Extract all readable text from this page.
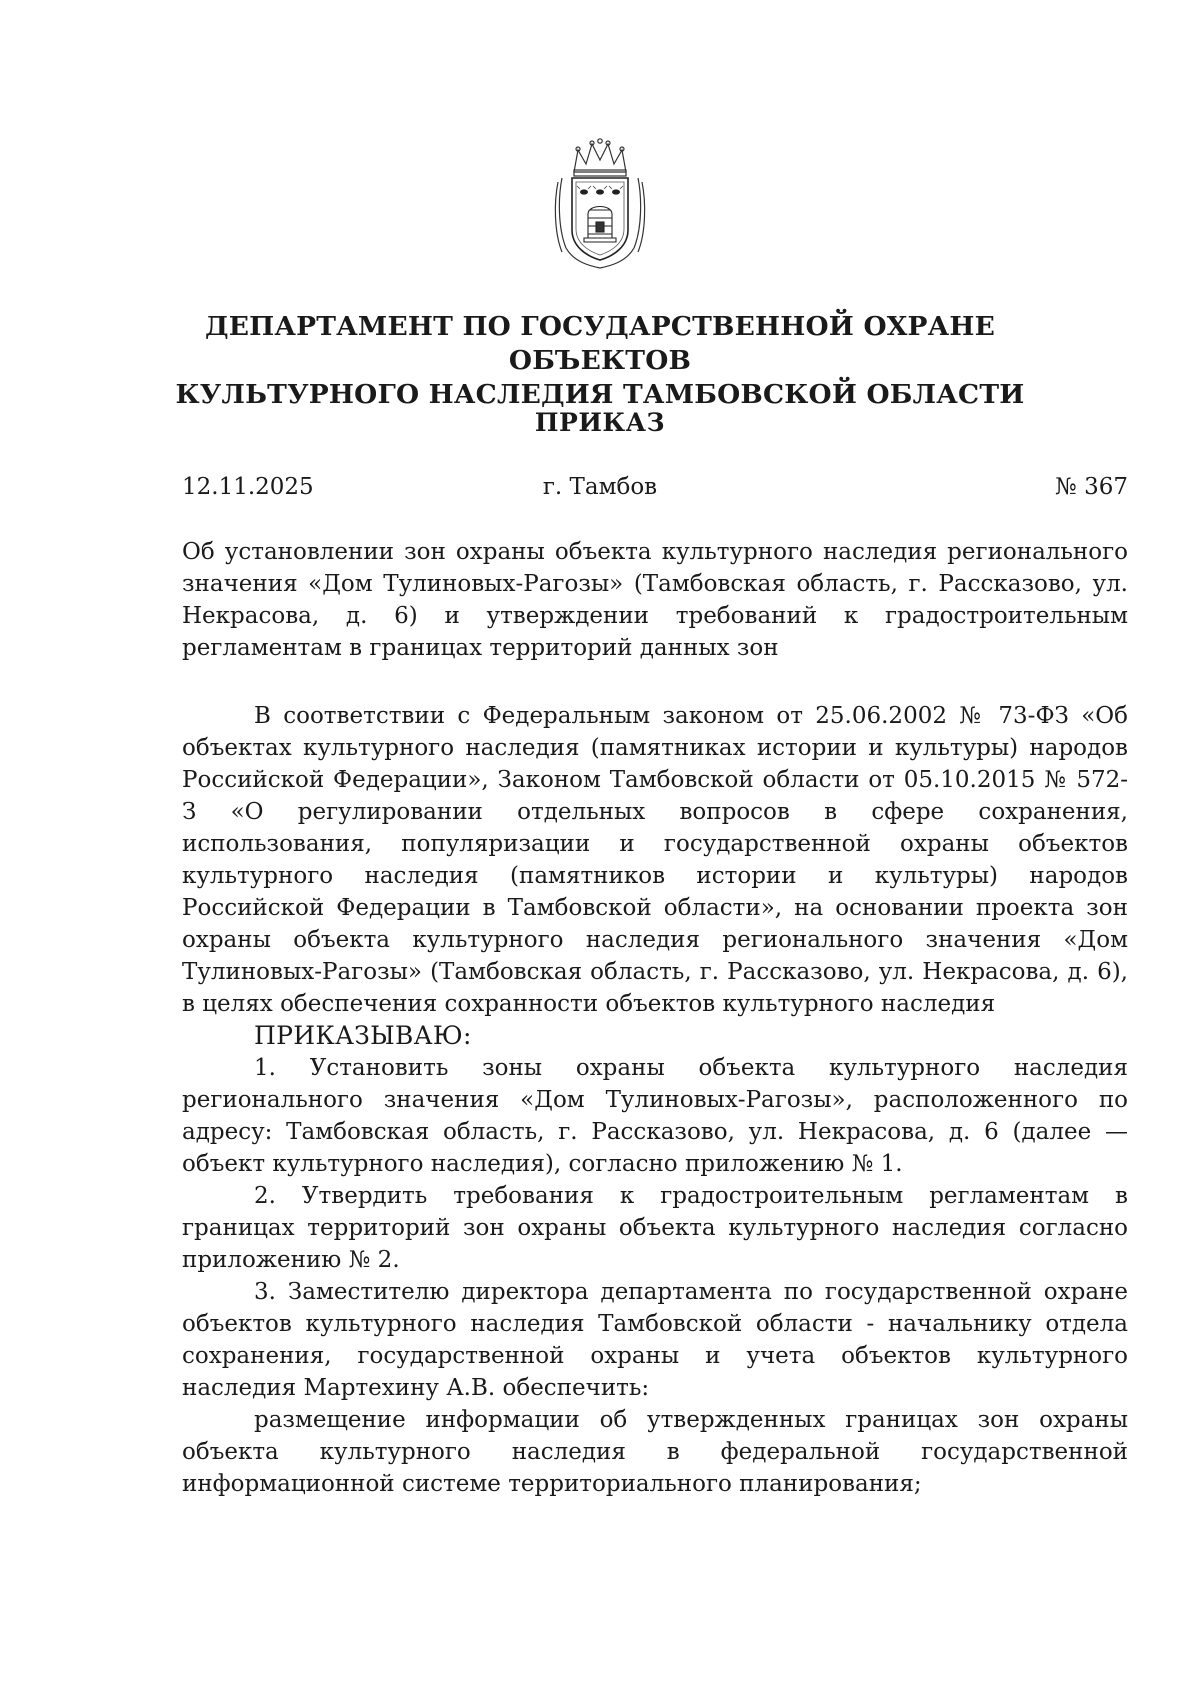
ДЕПАРТАМЕНТ ПО ГОСУДАРСТВЕННОЙ ОХРАНЕ ОБЪЕКТОВ
КУЛЬТУРНОГО НАСЛЕДИЯ ТАМБОВСКОЙ ОБЛАСТИ
ПРИКАЗ
12.11.2025	г. Тамбов	№ 367
Об установлении зон охраны объекта культурного наследия регионального значения «Дом Тулиновых-Рагозы» (Тамбовская область, г. Рассказово, ул. Некрасова, д. 6) и утверждении требований к градостроительным регламентам в границах территорий данных зон

В соответствии с Федеральным законом от 25.06.2002 № 73-ФЗ «Об объектах культурного наследия (памятниках истории и культуры) народов Российской Федерации», Законом Тамбовской области от 05.10.2015 № 572-З «О регулировании отдельных вопросов в сфере сохранения, использования, популяризации и государственной охраны объектов культурного наследия (памятников истории и культуры) народов Российской Федерации в Тамбовской области», на основании проекта зон охраны объекта культурного наследия регионального значения «Дом Тулиновых-Рагозы» (Тамбовская область, г. Рассказово, ул. Некрасова, д. 6), в целях обеспечения сохранности объектов культурного наследия

ПРИКАЗЫВАЮ:

1. Установить зоны охраны объекта культурного наследия регионального значения «Дом Тулиновых-Рагозы», расположенного по адресу: Тамбовская область, г. Рассказово, ул. Некрасова, д. 6 (далее — объект культурного наследия), согласно приложению № 1.

2. Утвердить требования к градостроительным регламентам в границах территорий зон охраны объекта культурного наследия согласно приложению № 2.

3. Заместителю директора департамента по государственной охране объектов культурного наследия Тамбовской области - начальнику отдела сохранения, государственной охраны и учета объектов культурного наследия Мартехину А.В. обеспечить:

размещение информации об утвержденных границах зон охраны объекта культурного наследия в федеральной государственной информационной системе территориального планирования;
